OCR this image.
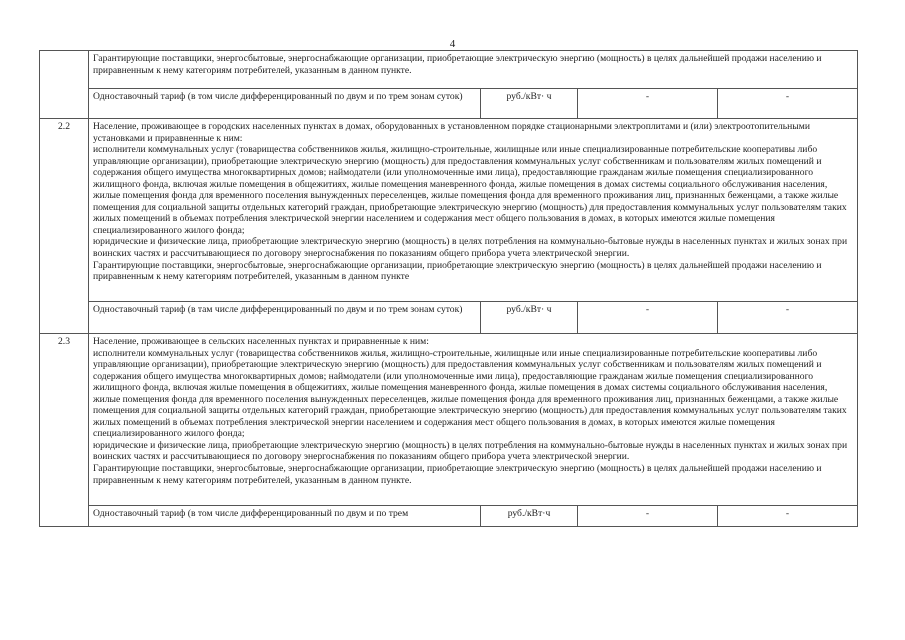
4
	Гарантирующие поставщики, энергосбытовые, энергоснабжающие организации, приобретающие электрическую энергию (мощность) в целях дальнейшей продажи населению и приравненным к нему категориям потребителей, указанным в данном пункте.			
	Одноставочный тариф (в том числе дифференцированный по двум и по трем зонам суток)	руб./кВт· ч	-	-
2.2	Население, проживающее в городских населенных пунктах в домах, оборудованных в установленном порядке стационарными электроплитами и (или) электроотопительными установками и приравненные к ним:
исполнители коммунальных услуг (товарищества собственников жилья, жилищно-строительные, жилищные или иные специализированные потребительские кооперативы либо управляющие организации), приобретающие электрическую энергию (мощность) для предоставления коммунальных услуг собственникам и пользователям жилых помещений и содержания общего имущества многоквартирных домов; наймодатели (или уполномоченные ими лица), предоставляющие гражданам жилые помещения специализированного жилищного фонда, включая жилые помещения в общежитиях, жилые помещения маневренного фонда, жилые помещения в домах системы социального обслуживания населения, жилые помещения фонда для временного поселения вынужденных переселенцев, жилые помещения фонда для временного проживания лиц, признанных беженцами, а также жилые помещения для социальной защиты отдельных категорий граждан, приобретающие электрическую энергию (мощность) для предоставления коммунальных услуг пользователям таких жилых помещений в объемах потребления электрической энергии населением и содержания мест общего пользования в домах, в которых имеются жилые помещения специализированного жилого фонда;
юридические и физические лица, приобретающие электрическую энергию (мощность) в целях потребления на коммунально-бытовые нужды в населенных пунктах и жилых зонах при воинских частях и рассчитывающиеся по договору энергоснабжения по показаниям общего прибора учета электрической энергии.
Гарантирующие поставщики, энергосбытовые, энергоснабжающие организации, приобретающие электрическую энергию (мощность) в целях дальнейшей продажи населению и приравненным к нему категориям потребителей, указанным в данном пункте			

	Одноставочный тариф (в там числе дифференцированный по двум и по трем зонам суток)	руб./кВт· ч	-	-
2.3	Население, проживающее в сельских населенных пунктах и приравненные к ним:
исполнители коммунальных услуг (товарищества собственников жилья, жилищно-строительные, жилищные или иные специализированные потребительские кооперативы либо управляющие организации), приобретающие электрическую энергию (мощность) для предоставления коммунальных услуг собственникам и пользователям жилых помещений и содержания общего имущества многоквартирных домов; наймодатели (или уполномоченные ими лица), предоставляющие гражданам жилые помещения специализированного жилищного фонда, включая жилые помещения в общежитиях, жилые помещения маневренного фонда, жилые помещения в домах системы социального обслуживания населения, жилые помещения фонда для временного поселения вынужденных переселенцев, жилые помещения фонда для временного проживания лиц, признанных беженцами, а также жилые помещения для социальной защиты отдельных категорий граждан, приобретающие электрическую энергию (мощность) для предоставления коммунальных услуг пользователям таких жилых помещений в объемах потребления электрической энергии населением и содержания мест общего пользования в домах, в которых имеются жилые помещения специализированного жилого фонда;
юридические и физические лица, приобретающие электрическую энергию (мощность) в целях потребления на коммунально-бытовые нужды в населенных пунктах и жилых зонах при воинских частях и рассчитывающиеся по договору энергоснабжения по показаниям общего прибора учета электрической энергии.
Гарантирующие поставщики, энергосбытовые, энергоснабжающие организации, приобретающие электрическую энергию (мощность) в целях дальнейшей продажи населению и приравненным к нему категориям потребителей, указанным в данном пункте.			

	Одноставочный тариф (в том числе дифференцированный по двум и по трем	руб./кВт·ч	-	-
